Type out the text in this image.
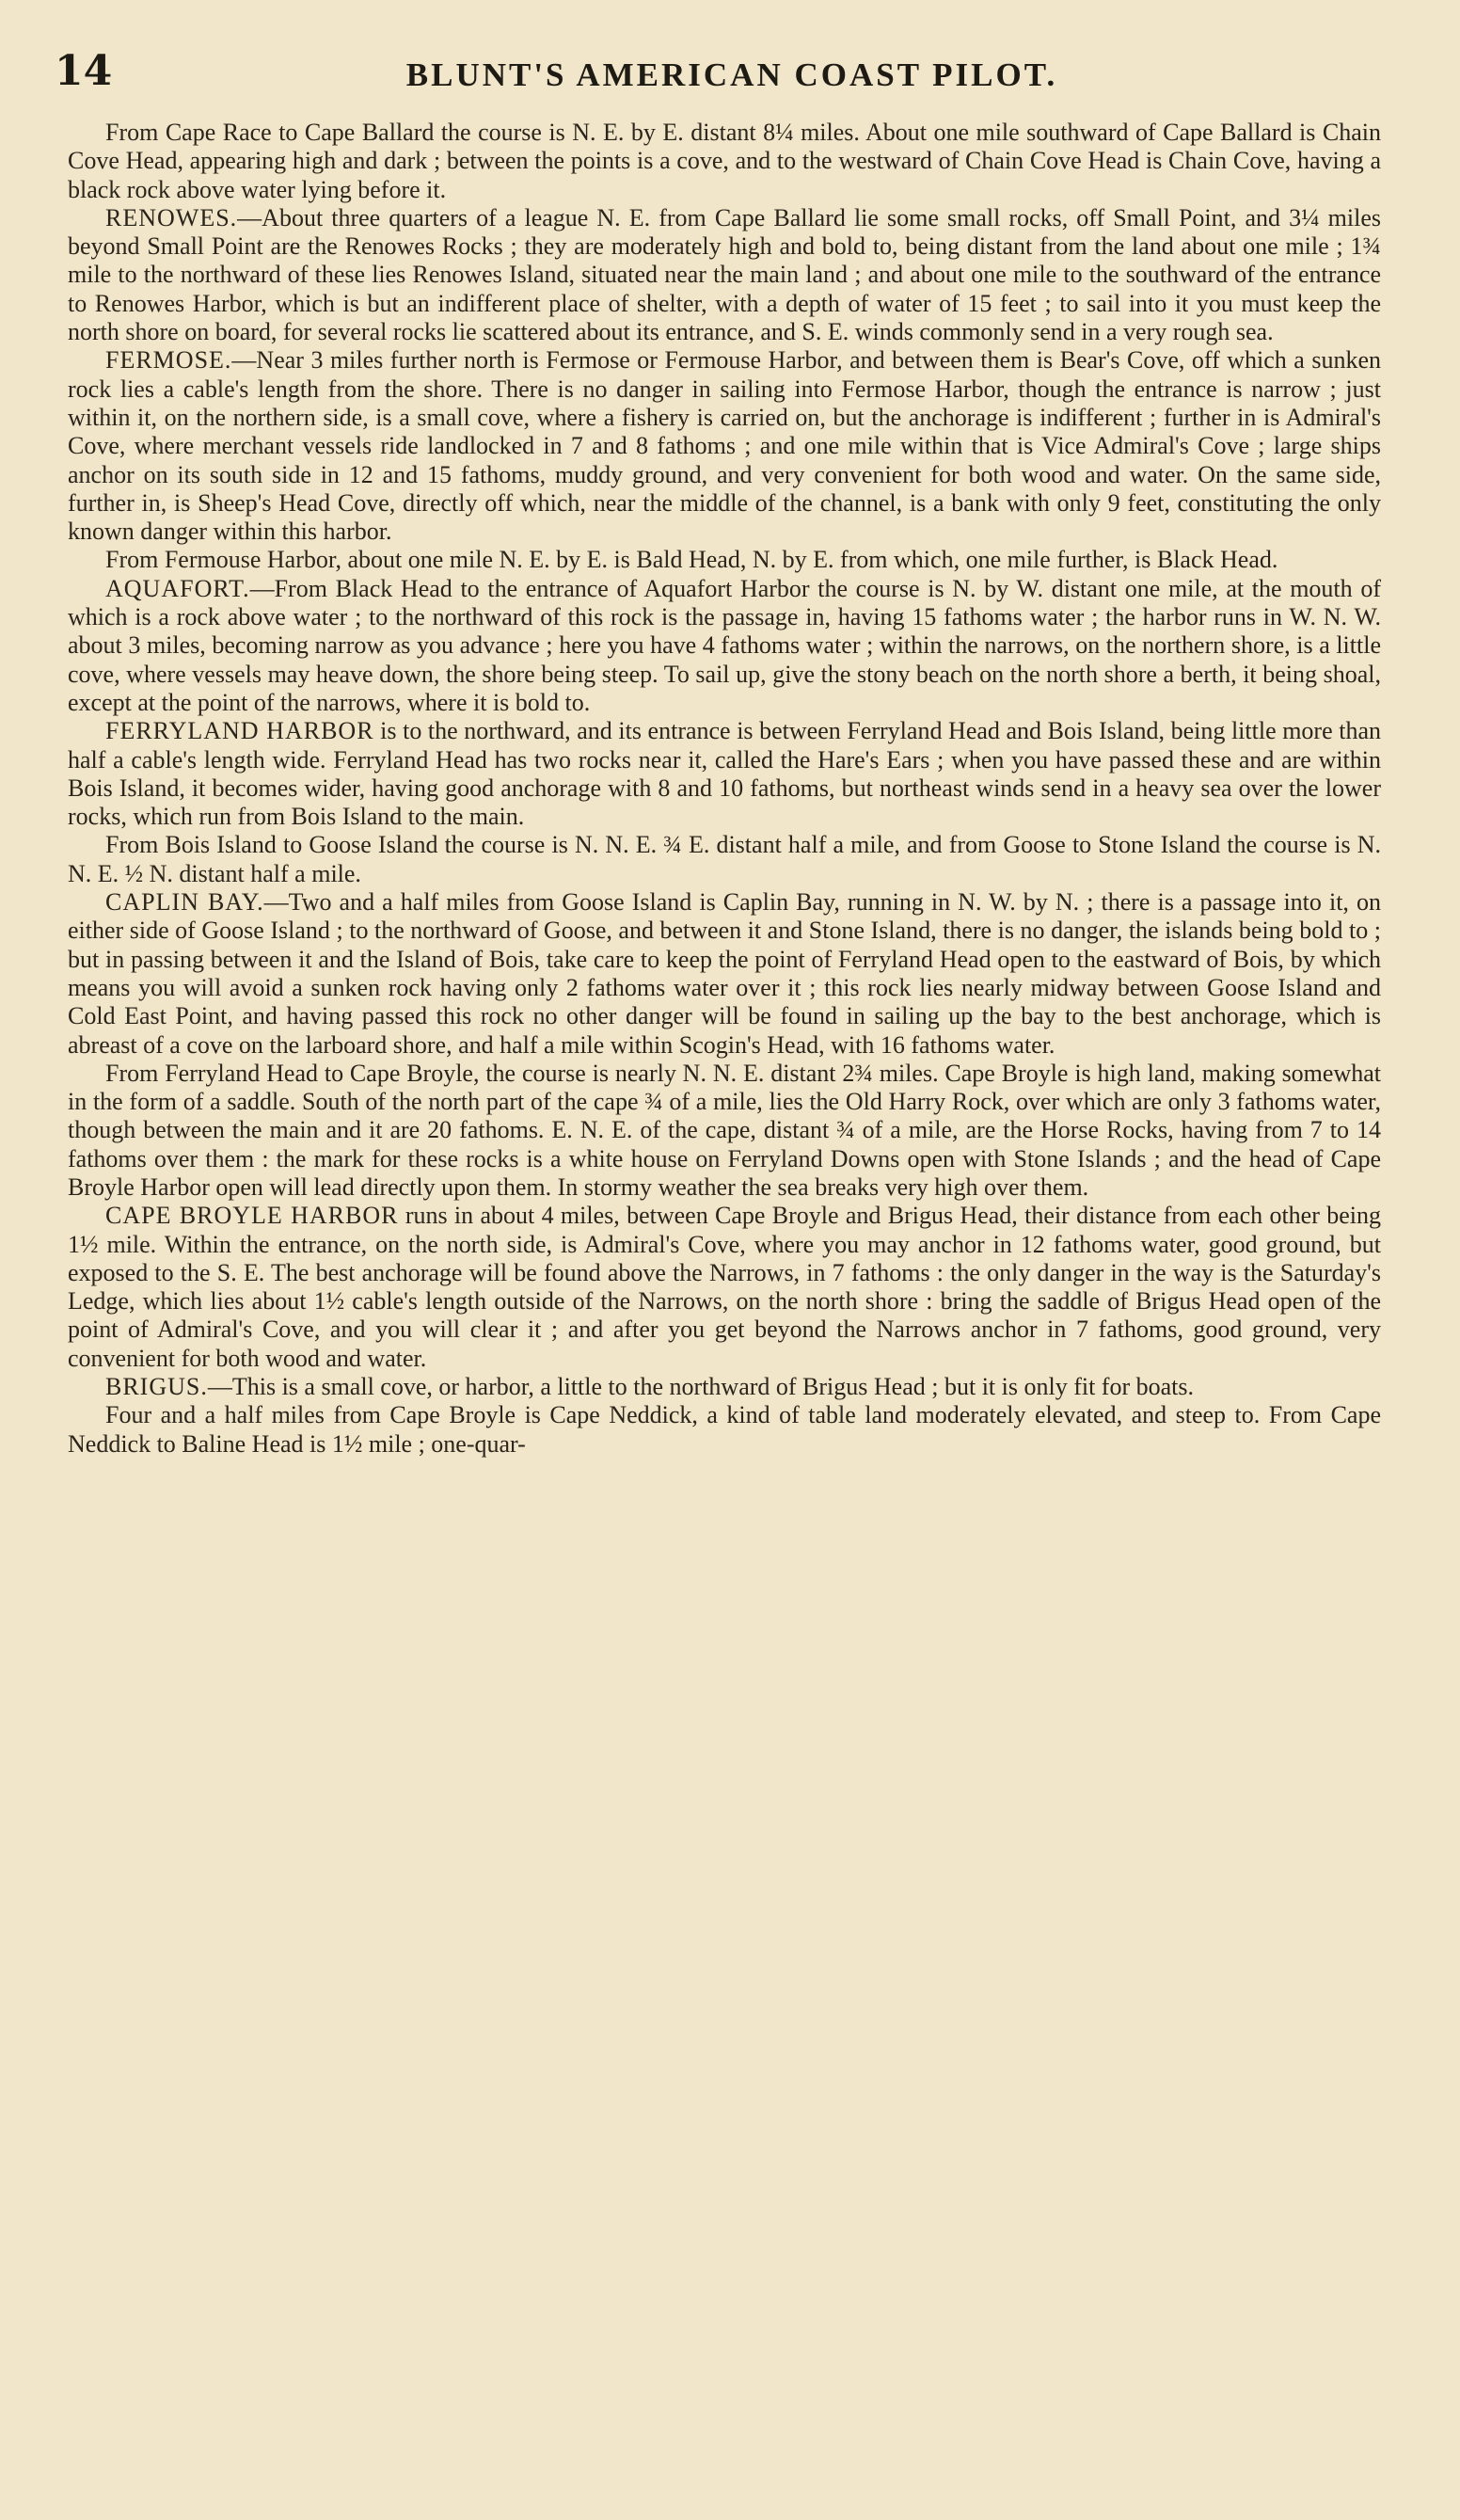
14	BLUNT'S AMERICAN COAST PILOT.

From Cape Race to Cape Ballard the course is N. E. by E. distant 8¼ miles. About one mile southward of Cape Ballard is Chain Cove Head, appearing high and dark ; between the points is a cove, and to the westward of Chain Cove Head is Chain Cove, having a black rock above water lying before it.

RENOWES.—About three quarters of a league N. E. from Cape Ballard lie some small rocks, off Small Point, and 3¼ miles beyond Small Point are the Renowes Rocks ; they are moderately high and bold to, being distant from the land about one mile ; 1¾ mile to the northward of these lies Renowes Island, situated near the main land ; and about one mile to the southward of the entrance to Renowes Harbor, which is but an indifferent place of shelter, with a depth of water of 15 feet ; to sail into it you must keep the north shore on board, for several rocks lie scattered about its entrance, and S. E. winds commonly send in a very rough sea.

FERMOSE.—Near 3 miles further north is Fermose or Fermouse Harbor, and between them is Bear's Cove, off which a sunken rock lies a cable's length from the shore. There is no danger in sailing into Fermose Harbor, though the entrance is narrow ; just within it, on the northern side, is a small cove, where a fishery is carried on, but the anchorage is indifferent ; further in is Admiral's Cove, where merchant vessels ride landlocked in 7 and 8 fathoms ; and one mile within that is Vice Admiral's Cove ; large ships anchor on its south side in 12 and 15 fathoms, muddy ground, and very convenient for both wood and water. On the same side, further in, is Sheep's Head Cove, directly off which, near the middle of the channel, is a bank with only 9 feet, constituting the only known danger within this harbor.

From Fermouse Harbor, about one mile N. E. by E. is Bald Head, N. by E. from which, one mile further, is Black Head.

AQUAFORT.—From Black Head to the entrance of Aquafort Harbor the course is N. by W. distant one mile, at the mouth of which is a rock above water ; to the northward of this rock is the passage in, having 15 fathoms water ; the harbor runs in W. N. W. about 3 miles, becoming narrow as you advance ; here you have 4 fathoms water ; within the narrows, on the northern shore, is a little cove, where vessels may heave down, the shore being steep. To sail up, give the stony beach on the north shore a berth, it being shoal, except at the point of the narrows, where it is bold to.

FERRYLAND HARBOR is to the northward, and its entrance is between Ferryland Head and Bois Island, being little more than half a cable's length wide. Ferryland Head has two rocks near it, called the Hare's Ears ; when you have passed these and are within Bois Island, it becomes wider, having good anchorage with 8 and 10 fathoms, but northeast winds send in a heavy sea over the lower rocks, which run from Bois Island to the main.

From Bois Island to Goose Island the course is N. N. E. ¾ E. distant half a mile, and from Goose to Stone Island the course is N. N. E. ½ N. distant half a mile.

CAPLIN BAY.—Two and a half miles from Goose Island is Caplin Bay, running in N. W. by N. ; there is a passage into it, on either side of Goose Island ; to the northward of Goose, and between it and Stone Island, there is no danger, the islands being bold to ; but in passing between it and the Island of Bois, take care to keep the point of Ferryland Head open to the eastward of Bois, by which means you will avoid a sunken rock having only 2 fathoms water over it ; this rock lies nearly midway between Goose Island and Cold East Point, and having passed this rock no other danger will be found in sailing up the bay to the best anchorage, which is abreast of a cove on the larboard shore, and half a mile within Scogin's Head, with 16 fathoms water.

From Ferryland Head to Cape Broyle, the course is nearly N. N. E. distant 2¾ miles. Cape Broyle is high land, making somewhat in the form of a saddle. South of the north part of the cape ¾ of a mile, lies the Old Harry Rock, over which are only 3 fathoms water, though between the main and it are 20 fathoms. E. N. E. of the cape, distant ¾ of a mile, are the Horse Rocks, having from 7 to 14 fathoms over them : the mark for these rocks is a white house on Ferryland Downs open with Stone Islands ; and the head of Cape Broyle Harbor open will lead directly upon them. In stormy weather the sea breaks very high over them.

CAPE BROYLE HARBOR runs in about 4 miles, between Cape Broyle and Brigus Head, their distance from each other being 1½ mile. Within the entrance, on the north side, is Admiral's Cove, where you may anchor in 12 fathoms water, good ground, but exposed to the S. E. The best anchorage will be found above the Narrows, in 7 fathoms : the only danger in the way is the Saturday's Ledge, which lies about 1½ cable's length outside of the Narrows, on the north shore : bring the saddle of Brigus Head open of the point of Admiral's Cove, and you will clear it ; and after you get beyond the Narrows anchor in 7 fathoms, good ground, very convenient for both wood and water.

BRIGUS.—This is a small cove, or harbor, a little to the northward of Brigus Head ; but it is only fit for boats.

Four and a half miles from Cape Broyle is Cape Neddick, a kind of table land moderately elevated, and steep to. From Cape Neddick to Baline Head is 1½ mile ; one-quar-
